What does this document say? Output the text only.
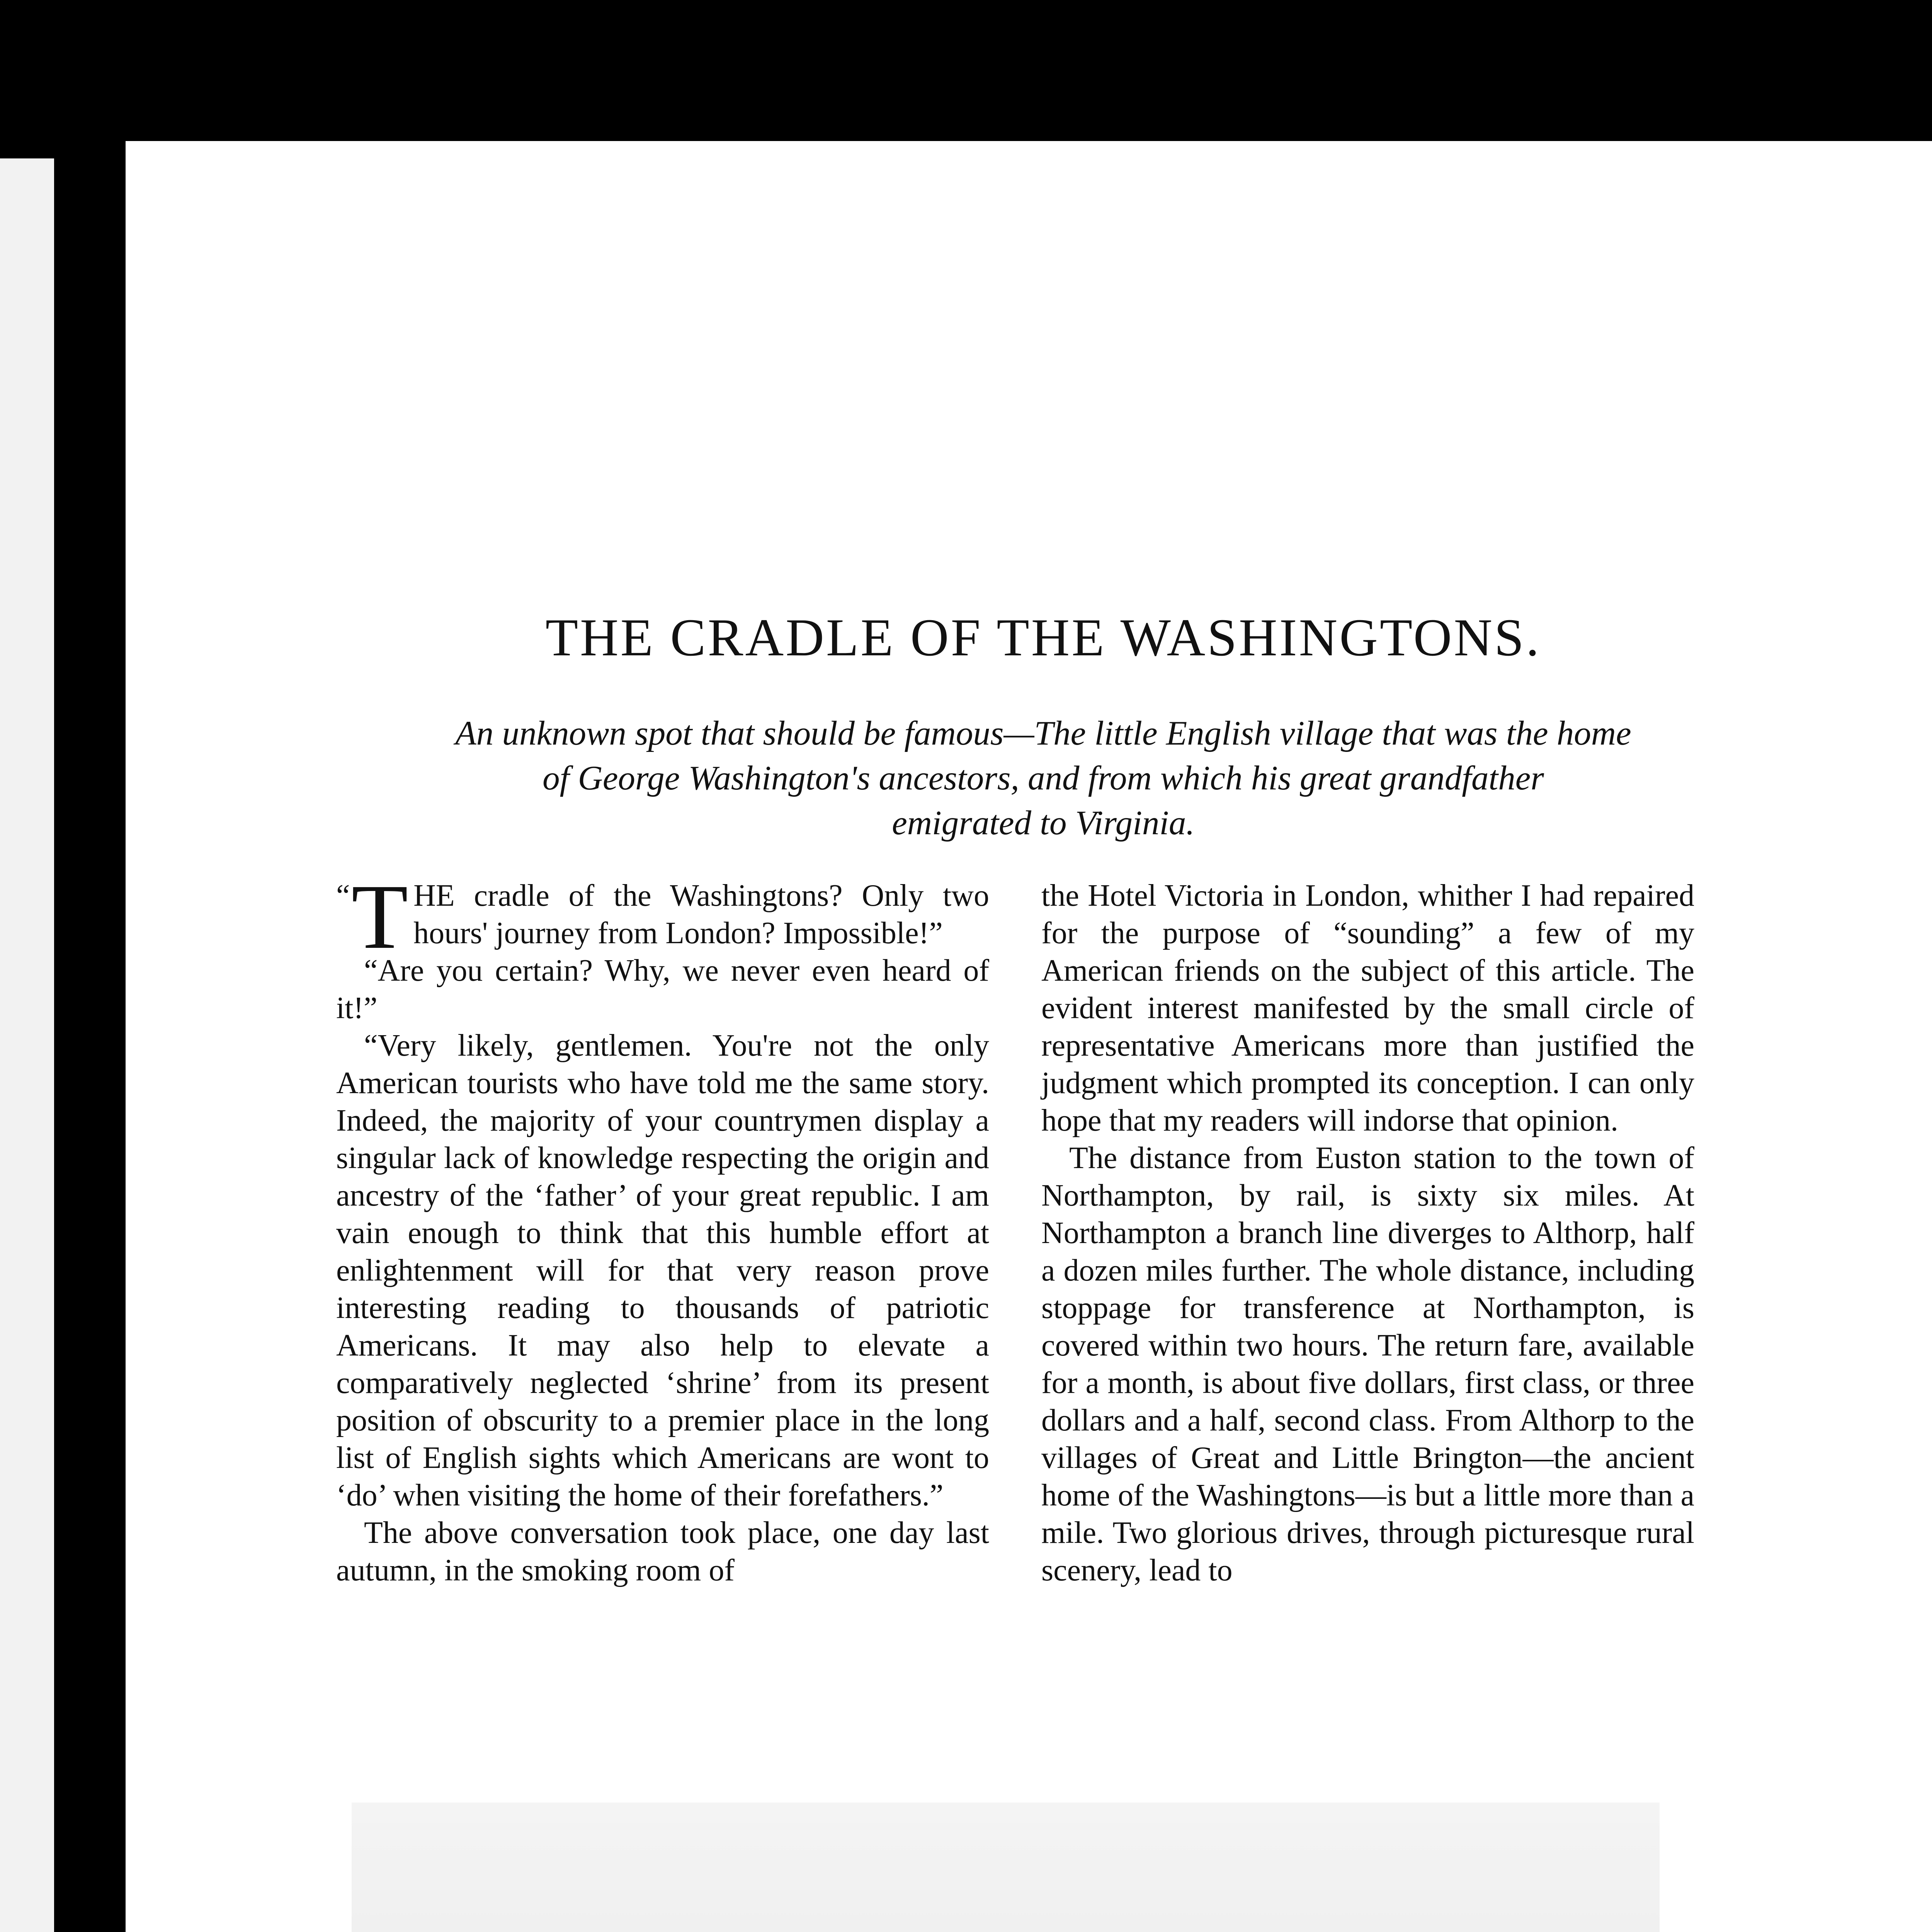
THE CRADLE OF THE WASHINGTONS.
An unknown spot that should be famous—The little English village that was the home
of George Washington's ancestors, and from which his great grandfather
emigrated to Virginia.

“ T HE cradle of the Washingtons? Only two hours' journey from London? Impossible!”

“Are you certain? Why, we never even heard of it!”

“Very likely, gentlemen. You're not the only American tourists who have told me the same story. Indeed, the majority of your countrymen display a singular lack of knowledge respecting the origin and ancestry of the ‘father’ of your great republic. I am vain enough to think that this humble effort at enlightenment will for that very reason prove interesting reading to thousands of patriotic Americans. It may also help to elevate a comparatively neglected ‘shrine’ from its present position of obscurity to a premier place in the long list of English sights which Americans are wont to ‘do’ when visiting the home of their forefathers.”

The above conversation took place, one day last autumn, in the smoking room of

the Hotel Victoria in London, whither I had repaired for the purpose of “sounding” a few of my American friends on the subject of this article. The evident interest manifested by the small circle of representative Americans more than justified the judgment which prompted its conception. I can only hope that my readers will indorse that opinion.

The distance from Euston station to the town of Northampton, by rail, is sixty six miles. At Northampton a branch line diverges to Althorp, half a dozen miles further. The whole distance, including stoppage for transference at Northampton, is covered within two hours. The return fare, available for a month, is about five dollars, first class, or three dollars and a half, second class. From Althorp to the villages of Great and Little Brington—the ancient home of the Washingtons—is but a little more than a mile. Two glorious drives, through picturesque rural scenery, lead to
